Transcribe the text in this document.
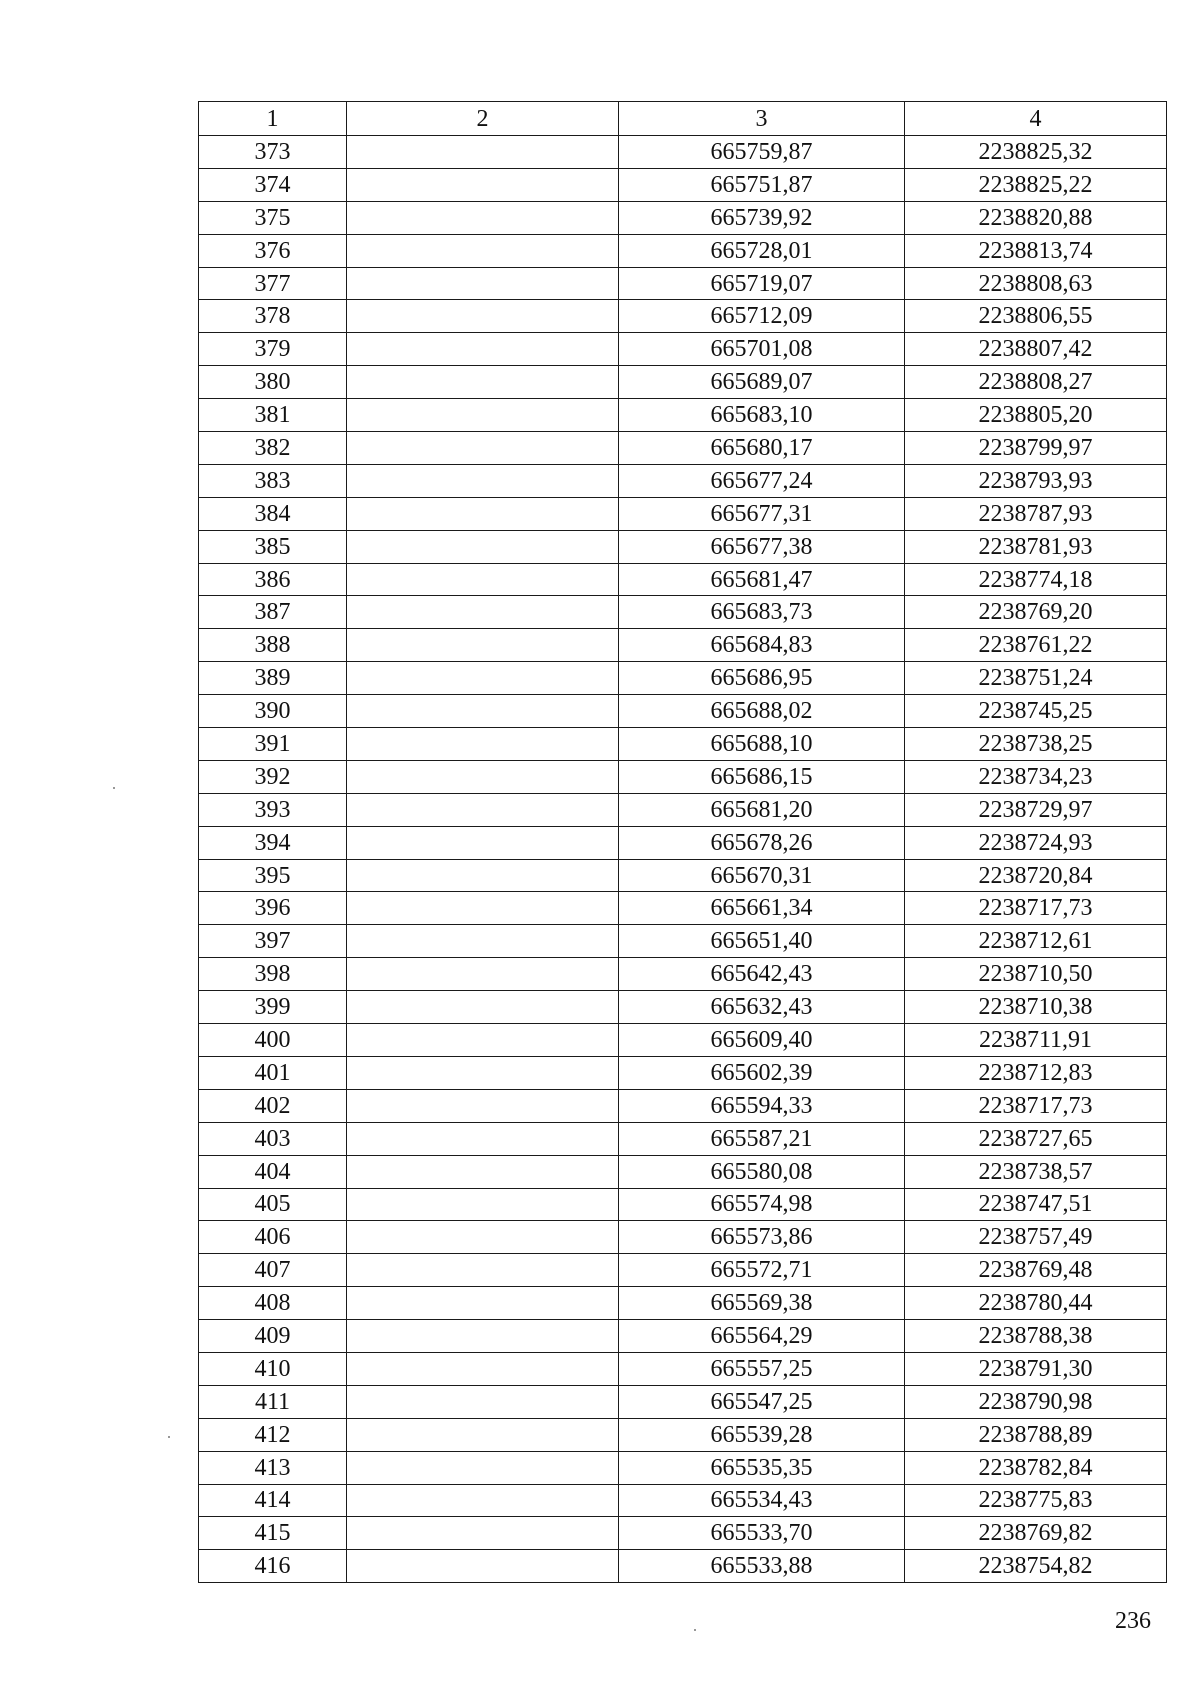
1	2	3	4
373		665759,87	2238825,32
374		665751,87	2238825,22
375		665739,92	2238820,88
376		665728,01	2238813,74
377		665719,07	2238808,63
378		665712,09	2238806,55
379		665701,08	2238807,42
380		665689,07	2238808,27
381		665683,10	2238805,20
382		665680,17	2238799,97
383		665677,24	2238793,93
384		665677,31	2238787,93
385		665677,38	2238781,93
386		665681,47	2238774,18
387		665683,73	2238769,20
388		665684,83	2238761,22
389		665686,95	2238751,24
390		665688,02	2238745,25
391		665688,10	2238738,25
392		665686,15	2238734,23
393		665681,20	2238729,97
394		665678,26	2238724,93
395		665670,31	2238720,84
396		665661,34	2238717,73
397		665651,40	2238712,61
398		665642,43	2238710,50
399		665632,43	2238710,38
400		665609,40	2238711,91
401		665602,39	2238712,83
402		665594,33	2238717,73
403		665587,21	2238727,65
404		665580,08	2238738,57
405		665574,98	2238747,51
406		665573,86	2238757,49
407		665572,71	2238769,48
408		665569,38	2238780,44
409		665564,29	2238788,38
410		665557,25	2238791,30
411		665547,25	2238790,98
412		665539,28	2238788,89
413		665535,35	2238782,84
414		665534,43	2238775,83
415		665533,70	2238769,82
416		665533,88	2238754,82
236
